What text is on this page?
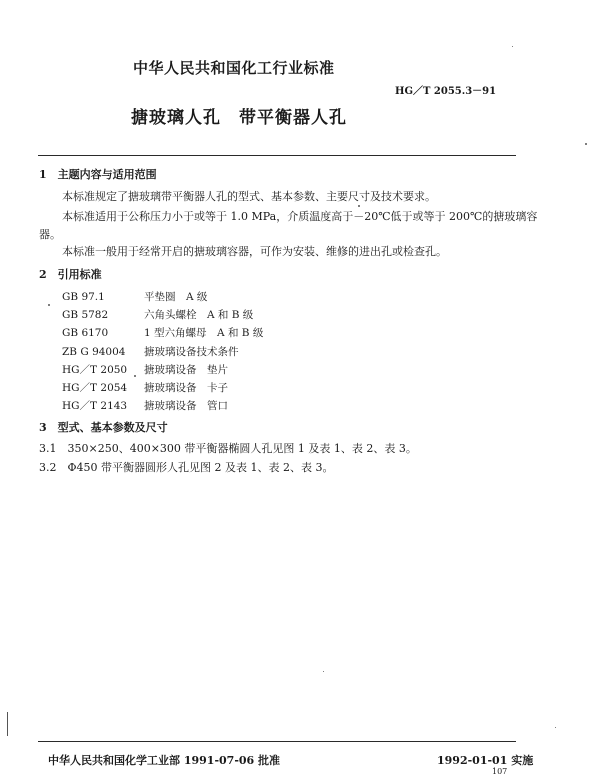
中华人民共和国化工行业标准
HG／T 2055.3－91
搪玻璃人孔　带平衡器人孔
1　主题内容与适用范围
本标准规定了搪玻璃带平衡器人孔的型式、基本参数、主要尺寸及技术要求。
本标准适用于公称压力小于或等于 1.0 MPa，介质温度高于－20℃低于或等于 200℃的搪玻璃容
器。
本标准一般用于经常开启的搪玻璃容器，可作为安装、维修的进出孔或检查孔。
2　引用标准
GB 97.1	平垫圈　A 级
GB 5782	六角头螺栓　A 和 B 级
GB 6170	1 型六角螺母　A 和 B 级
ZB G 94004 搪玻璃设备技术条件
HG／T 2050 搪玻璃设备　垫片
HG／T 2054 搪玻璃设备　卡子
HG／T 2143 搪玻璃设备　管口
3　型式、基本参数及尺寸
3.1　350×250、400×300 带平衡器椭圆人孔见图 1 及表 1、表 2、表 3。
3.2　Φ450 带平衡器圆形人孔见图 2 及表 1、表 2、表 3。
中华人民共和国化学工业部 1991-07-06 批准	1992-01-01 实施
107
